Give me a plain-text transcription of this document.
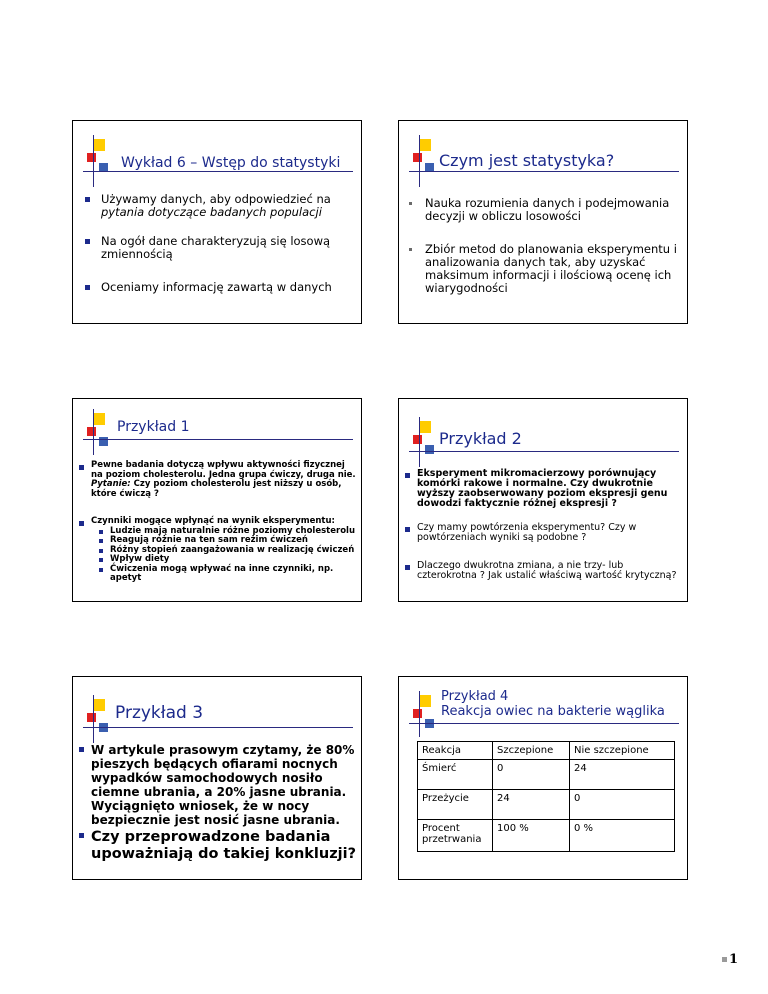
Wykład 6 – Wstęp do statystyki
Używamy danych, aby odpowiedzieć na
pytania dotyczące badanych populacji
Na ogół dane charakteryzują się losową zmiennością
Oceniamy informację zawartą w danych
Czym jest statystyka?
Nauka rozumienia danych i podejmowania decyzji w obliczu losowości
Zbiór metod do planowania eksperymentu i analizowania danych tak, aby uzyskać maksimum informacji i ilościową ocenę ich wiarygodności
Przykład 1
Pewne badania dotyczą wpływu aktywności fizycznej na poziom cholesterolu. Jedna grupa ćwiczy, druga nie. Pytanie: Czy poziom cholesterolu jest niższy u osób, które ćwiczą ?
Czynniki mogące wpłynąć na wynik eksperymentu:
Ludzie mają naturalnie różne poziomy cholesterolu
Reagują różnie na ten sam reżim ćwiczeń
Różny stopień zaangażowania w realizację ćwiczeń
Wpływ diety
Ćwiczenia mogą wpływać na inne czynniki, np. apetyt
Przykład 2
Eksperyment mikromacierzowy porównujący komórki rakowe i normalne. Czy dwukrotnie wyższy zaobserwowany poziom ekspresji genu dowodzi faktycznie różnej ekspresji ?
Czy mamy powtórzenia eksperymentu? Czy w powtórzeniach wyniki są podobne ?
Dlaczego dwukrotna zmiana, a nie trzy- lub czterokrotna ? Jak ustalić właściwą wartość krytyczną?
Przykład 3
W artykule prasowym czytamy, że 80% pieszych będących ofiarami nocnych wypadków samochodowych nosiło ciemne ubrania, a 20% jasne ubrania. Wyciągnięto wniosek, że w nocy bezpiecznie jest nosić jasne ubrania.
Czy przeprowadzone badania upoważniają do takiej konkluzji?
Przykład 4
Reakcja owiec na bakterie wąglika
Reakcja	Szczepione	Nie szczepione
Śmierć	0	24
Przeżycie	24	0
Procent przetrwania	100 %	0 %
1
